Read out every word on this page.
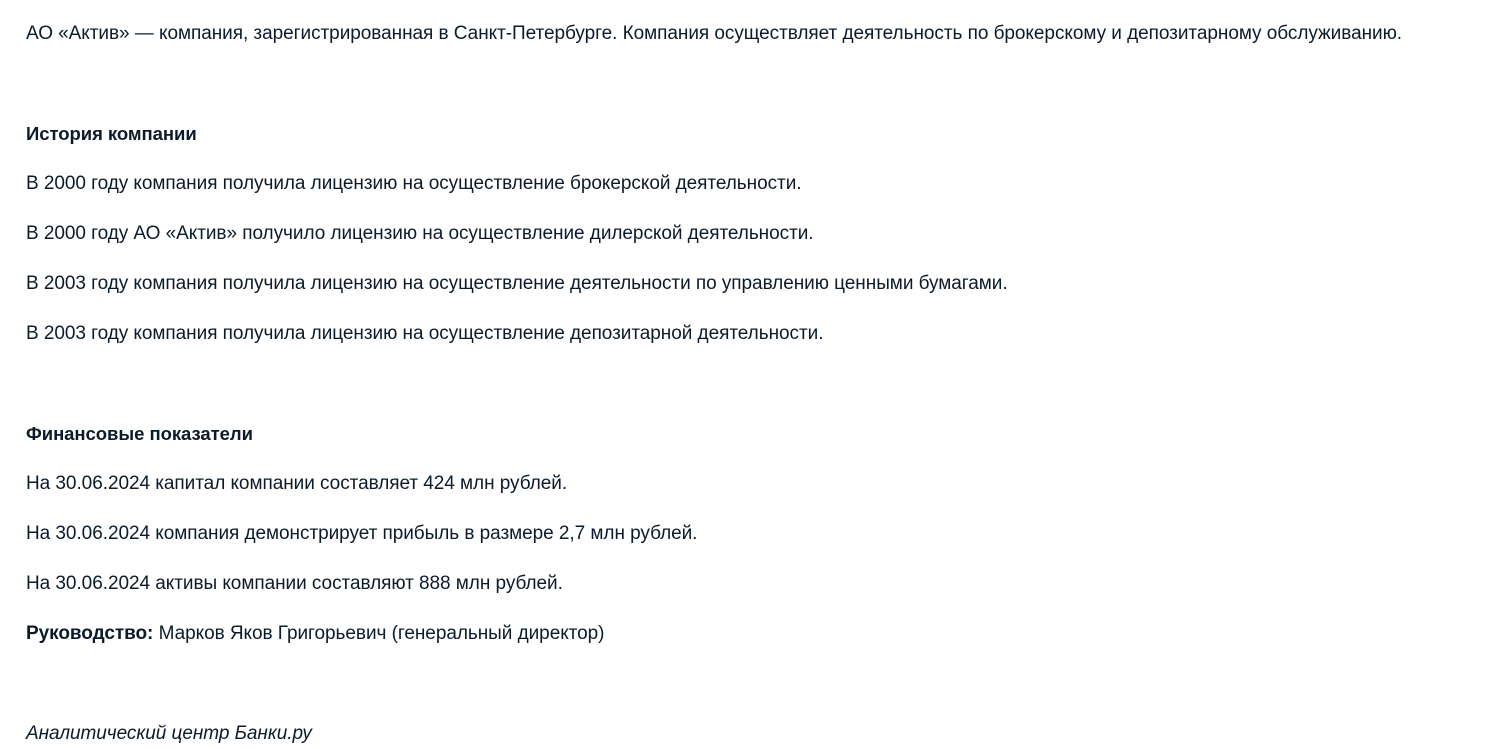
АО «Актив» — компания, зарегистрированная в Санкт-Петербурге. Компания осуществляет деятельность по брокерскому и депозитарному обслуживанию.
История компании
В 2000 году компания получила лицензию на осуществление брокерской деятельности.
В 2000 году АО «Актив» получило лицензию на осуществление дилерской деятельности.
В 2003 году компания получила лицензию на осуществление деятельности по управлению ценными бумагами.
В 2003 году компания получила лицензию на осуществление депозитарной деятельности.
Финансовые показатели
На 30.06.2024 капитал компании составляет 424 млн рублей.
На 30.06.2024 компания демонстрирует прибыль в размере 2,7 млн рублей.
На 30.06.2024 активы компании составляют 888 млн рублей.
Руководство: Марков Яков Григорьевич (генеральный директор)
Аналитический центр Банки.ру
